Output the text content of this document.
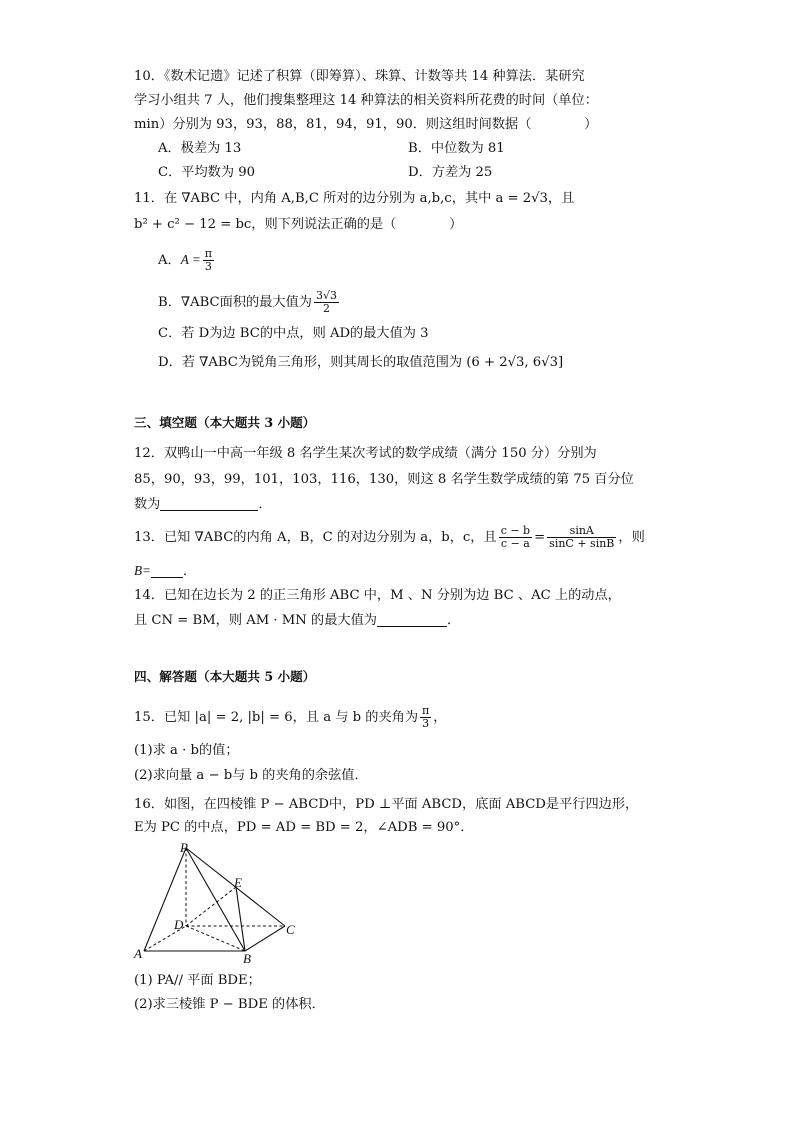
10．《数术记遗》记述了积算（即筹算）、珠算、计数等共 14 种算法．某研究
学习小组共 7 人，他们搜集整理这 14 种算法的相关资料所花费的时间（单位：
min）分别为 93，93，88，81，94，91，90．则这组时间数据（　　　　）
A．极差为 13	B．中位数为 81
C．平均数为 90	D．方差为 25
11．在 ∇ABC 中，内角 A,B,C 所对的边分别为 a,b,c，其中 a = 2√3，且
b² + c² − 12 = bc，则下列说法正确的是（　　　　）
A．$A = \frac{\pi}{3}$
B．∇ABC面积的最大值为 $\frac{3√3}{2}$
C．若 D为边 BC的中点，则 AD的最大值为 3
D．若 ∇ABC为锐角三角形，则其周长的取值范围为 (6 + 2√3, 6√3]
三、填空题（本大题共 3 小题）
12．双鸭山一中高一年级 8 名学生某次考试的数学成绩（满分 150 分）分别为
85，90，93，99，101，103，116，130，则这 8 名学生数学成绩的第 75 百分位
数为	．
13．已知 ∇ABC的内角 A，B，C 的对边分别为 a，b，c，且 $\frac{c - b}{c - a} = \frac{\sin A}{\sin C + \sin B}$ ，则
B= ．
14．已知在边长为 2 的正三角形 ABC 中，M 、N 分别为边 BC 、AC 上的动点，
且 CN = BM，则 AM · MN 的最大值为	．
四、解答题（本大题共 5 小题）
15．已知 |a| = 2, |b| = 6，且 a 与 b 的夹角为 $\frac{\pi}{3}$ ，
(1)求 a · b的值；
(2)求向量 a − b与 b 的夹角的余弦值．
16．如图，在四棱锥 P − ABCD中，PD ⊥平面 ABCD，底面 ABCD是平行四边形，
E为 PC 的中点，PD = AD = BD = 2，∠ADB = 90°．
P
E
D	C
A	B
(1) PA// 平面 BDE；
(2)求三棱锥 P − BDE 的体积．
